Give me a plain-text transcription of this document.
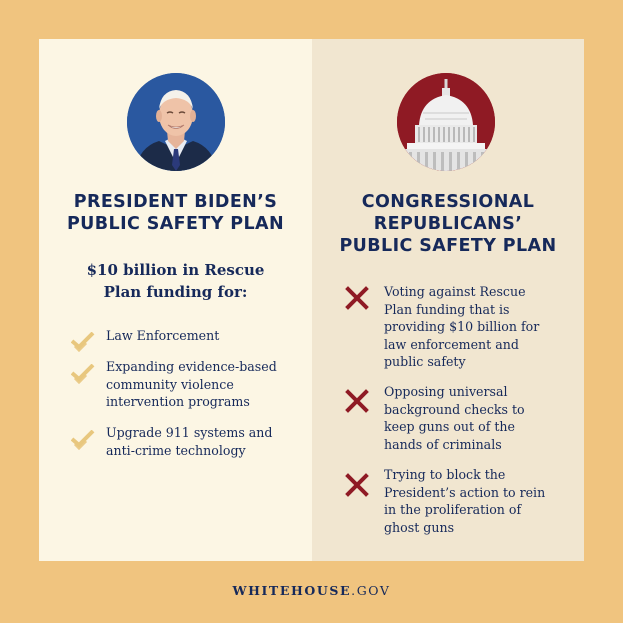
PRESIDENT BIDEN’S
PUBLIC SAFETY PLAN
$10 billion in Rescue
Plan funding for:
Law Enforcement
Expanding evidence-based
community violence
intervention programs
Upgrade 911 systems and
anti-crime technology
CONGRESSIONAL
REPUBLICANS’
PUBLIC SAFETY PLAN
Voting against Rescue
Plan funding that is
providing $10 billion for
law enforcement and
public safety
Opposing universal
background checks to
keep guns out of the
hands of criminals
Trying to block the
President’s action to rein
in the proliferation of
ghost guns
WHITEHOUSE.GOV
